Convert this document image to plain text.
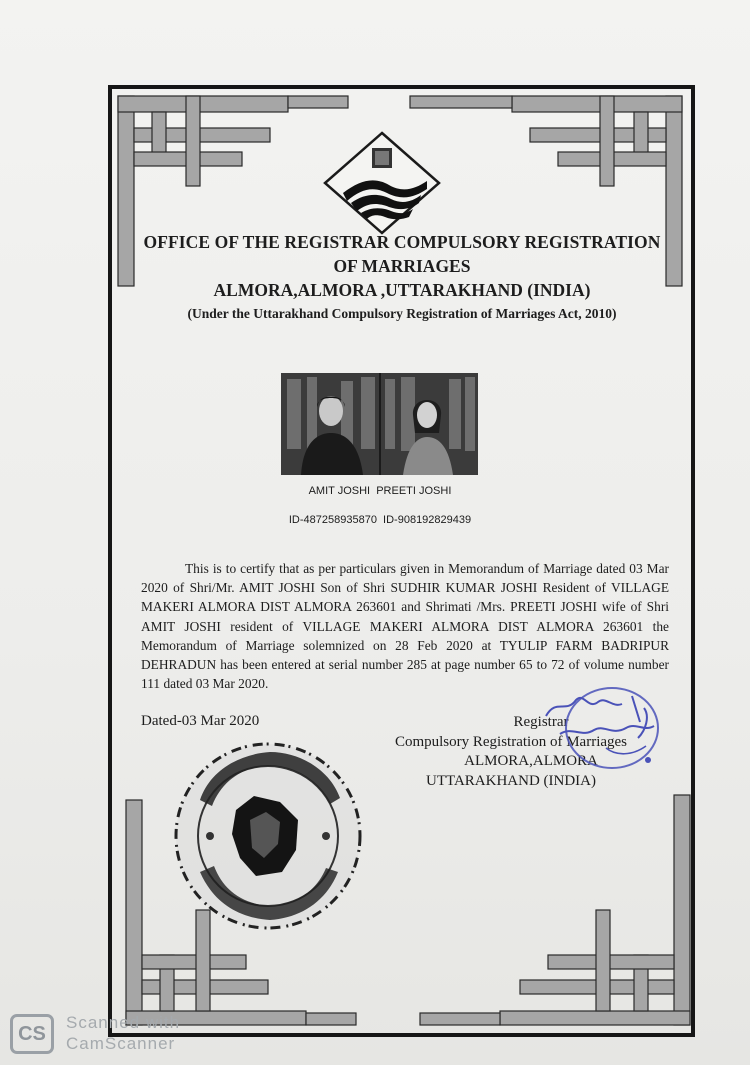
OFFICE OF THE REGISTRAR COMPULSORY REGISTRATION
OF MARRIAGES
ALMORA,ALMORA ,UTTARAKHAND (INDIA)
(Under the Uttarakhand Compulsory Registration of Marriages Act, 2010)
AMIT JOSHI  PREETI JOSHI
ID-487258935870  ID-908192829439
This is to certify that as per particulars given in Memorandum of Marriage dated 03 Mar 2020 of Shri/Mr. AMIT JOSHI Son of Shri SUDHIR KUMAR JOSHI Resident of VILLAGE MAKERI ALMORA DIST ALMORA 263601 and Shrimati /Mrs. PREETI JOSHI wife of Shri AMIT JOSHI resident of VILLAGE MAKERI ALMORA DIST ALMORA 263601 the Memorandum of Marriage solemnized on 28 Feb 2020 at TYULIP FARM BADRIPUR DEHRADUN has been entered at serial number 285 at page number 65 to 72 of volume number 111 dated 03 Mar 2020.
Dated-03 Mar 2020	Registrar
Compulsory Registration of Marriages
ALMORA,ALMORA
UTTARAKHAND (INDIA)
CS
Scanned with
CamScanner
